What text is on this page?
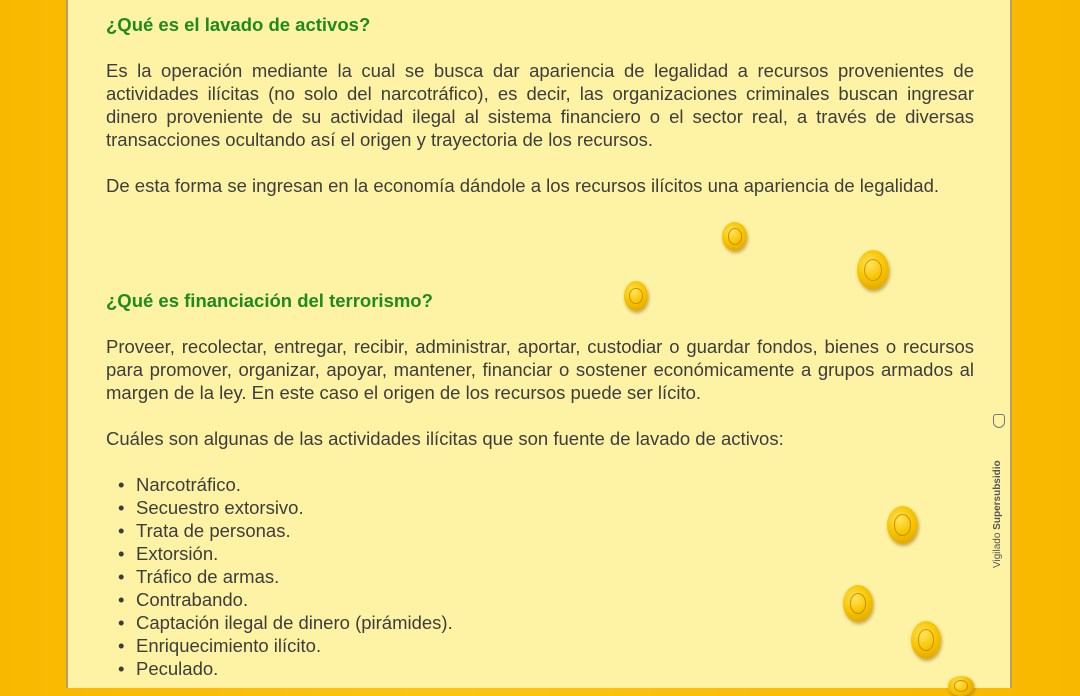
¿Qué es el lavado de activos?

Es la operación mediante la cual se busca dar apariencia de legalidad a recursos provenientes de actividades ilícitas (no solo del narcotráfico), es decir, las organizaciones criminales buscan ingresar dinero proveniente de su actividad ilegal al sistema financiero o el sector real, a través de diversas transacciones ocultando así el origen y trayectoria de los recursos.

De esta forma se ingresan en la economía dándole a los recursos ilícitos una apariencia de legalidad.

¿Qué es financiación del terrorismo?

Proveer, recolectar, entregar, recibir, administrar, aportar, custodiar o guardar fondos, bienes o recursos para promover, organizar, apoyar, mantener, financiar o sostener económicamente a grupos armados al margen de la ley. En este caso el origen de los recursos puede ser lícito.

Cuáles son algunas de las actividades ilícitas que son fuente de lavado de activos:

• Narcotráfico.
• Secuestro extorsivo.
• Trata de personas.
• Extorsión.
• Tráfico de armas.
• Contrabando.
• Captación ilegal de dinero (pirámides).
• Enriquecimiento ilícito.
• Peculado.
Vigilado Supersubsidio
